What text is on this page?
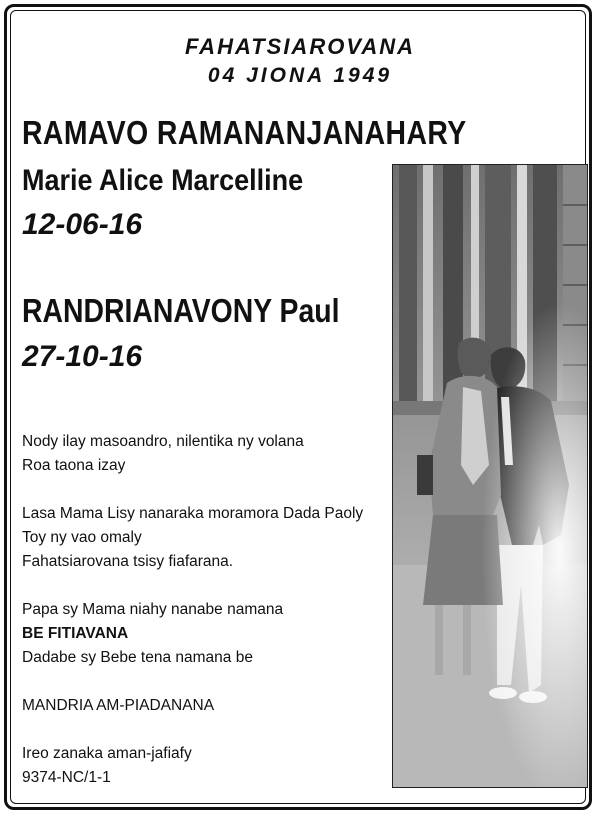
FAHATSIAROVANA
04 JIONA 1949
RAMAVO RAMANANJANAHARY
Marie Alice Marcelline
12-06-16
RANDRIANAVONY Paul
27-10-16
Nody ilay masoandro, nilentika ny volana
Roa taona izay
Lasa Mama Lisy nanaraka moramora Dada Paoly
Toy ny vao omaly
Fahatsiarovana tsisy fiafarana.
Papa sy Mama niahy nanabe namana
BE FITIAVANA
Dadabe sy Bebe tena namana be
MANDRIA AM-PIADANANA
Ireo zanaka aman-jafiafy
9374-NC/1-1
